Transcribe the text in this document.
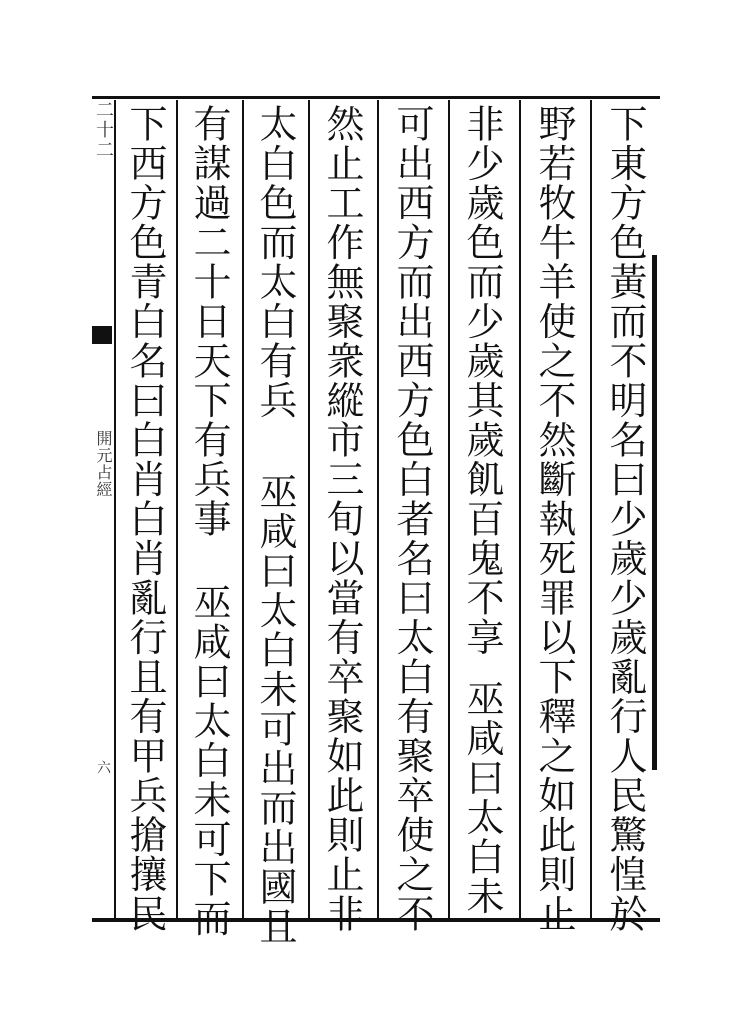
二十二
開元占經
六	下東方色黃而不明名曰少歲少歲亂行人民驚惶於
野若牧牛羊使之不然斷執死罪以下釋之如此則止
非少歲色而少歲其歲飢百鬼不享巫咸曰太白未
可出西方而出西方色白者名曰太白有聚卒使之不
然止工作無聚衆縱市三旬以當有卒聚如此則止非
太白色而太白有兵巫咸曰太白未可出而出國且
有謀過二十日天下有兵事巫咸曰太白未可下而
下西方色青白名曰白肖白肖亂行且有甲兵搶攘民
